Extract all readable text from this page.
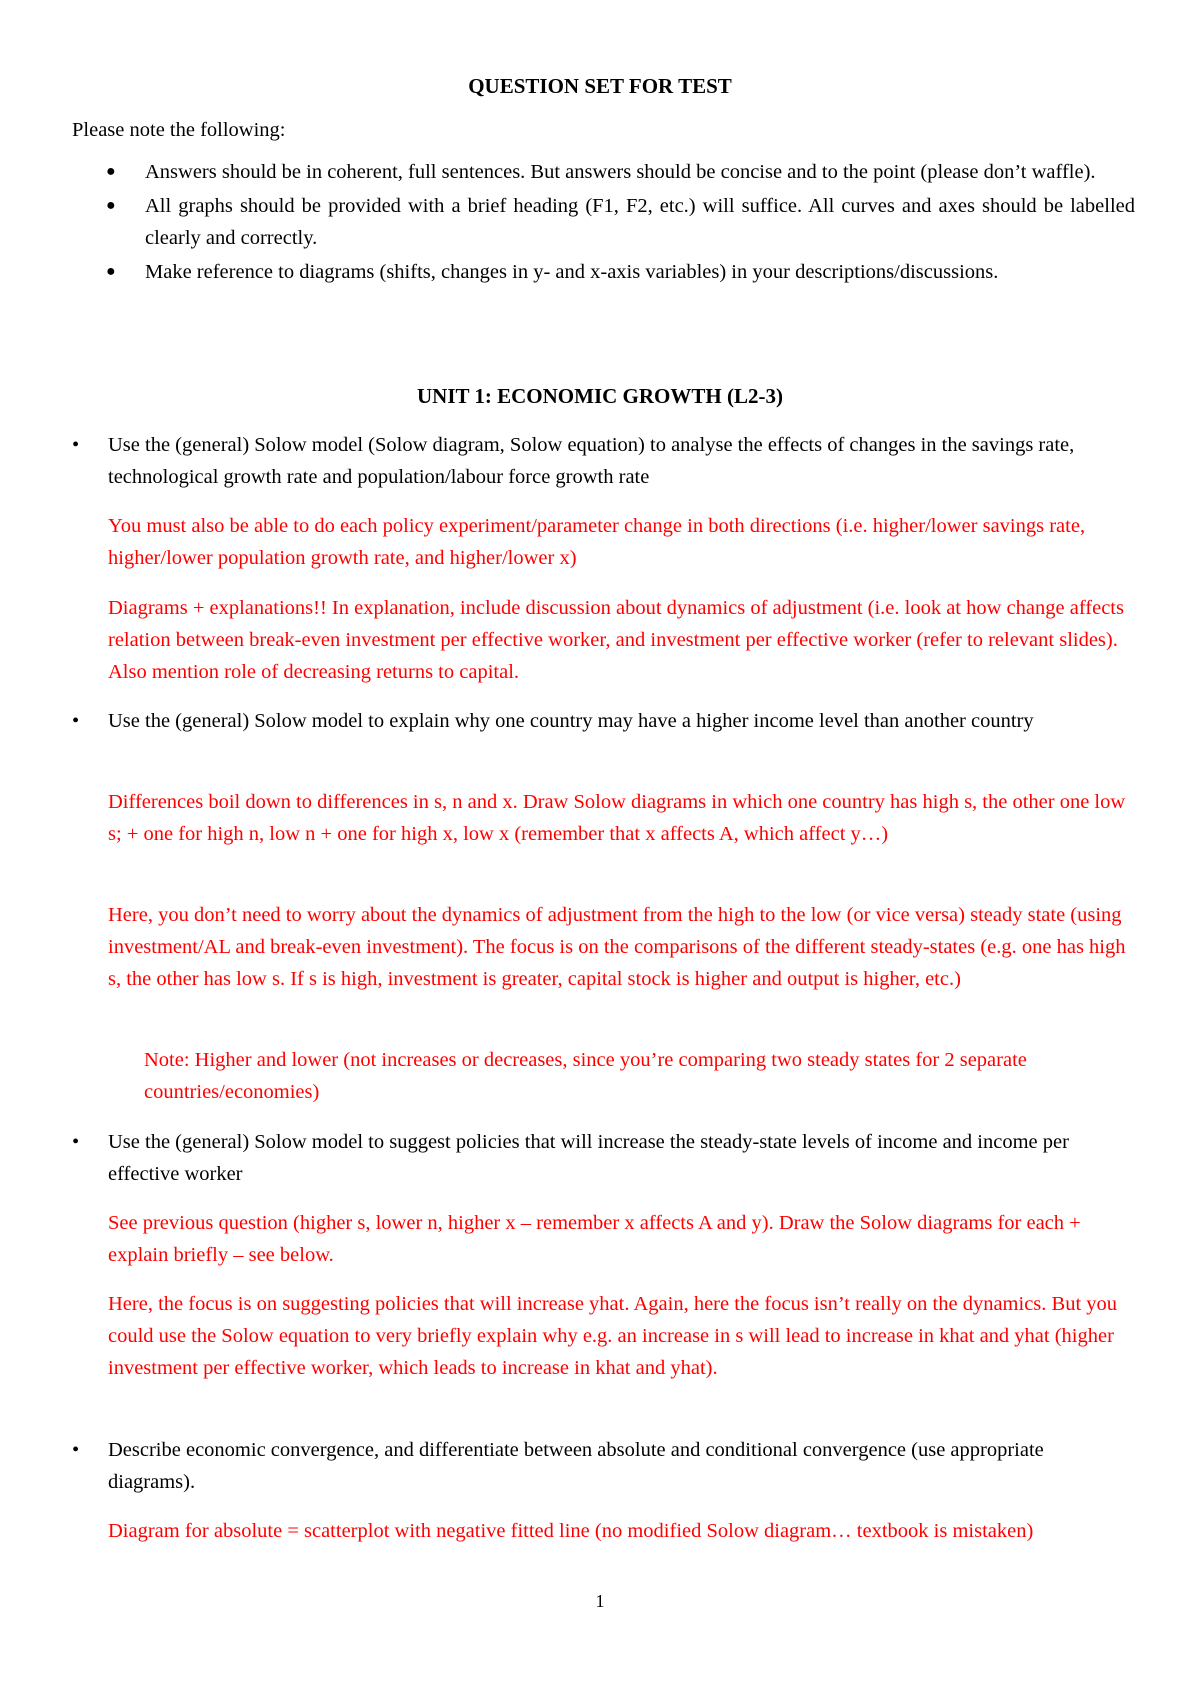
QUESTION SET FOR TEST
Please note the following:
● Answers should be in coherent, full sentences. But answers should be concise and to the point (please don’t waffle).
● All graphs should be provided with a brief heading (F1, F2, etc.) will suffice. All curves and axes should be labelled clearly and correctly.
● Make reference to diagrams (shifts, changes in y- and x-axis variables) in your descriptions/discussions.
UNIT 1: ECONOMIC GROWTH (L2-3)
• Use the (general) Solow model (Solow diagram, Solow equation) to analyse the effects of changes in the savings rate, technological growth rate and population/labour force growth rate
You must also be able to do each policy experiment/parameter change in both directions (i.e. higher/lower savings rate, higher/lower population growth rate, and higher/lower x)
Diagrams + explanations!! In explanation, include discussion about dynamics of adjustment (i.e. look at how change affects relation between break-even investment per effective worker, and investment per effective worker (refer to relevant slides). Also mention role of decreasing returns to capital.
• Use the (general) Solow model to explain why one country may have a higher income level than another country
Differences boil down to differences in s, n and x. Draw Solow diagrams in which one country has high s, the other one low s; + one for high n, low n + one for high x, low x (remember that x affects A, which affect y…)
Here, you don’t need to worry about the dynamics of adjustment from the high to the low (or vice versa) steady state (using investment/AL and break-even investment). The focus is on the comparisons of the different steady-states (e.g. one has high s, the other has low s. If s is high, investment is greater, capital stock is higher and output is higher, etc.)
Note: Higher and lower (not increases or decreases, since you’re comparing two steady states for 2 separate countries/economies)
• Use the (general) Solow model to suggest policies that will increase the steady-state levels of income and income per effective worker
See previous question (higher s, lower n, higher x – remember x affects A and y). Draw the Solow diagrams for each + explain briefly – see below.
Here, the focus is on suggesting policies that will increase yhat. Again, here the focus isn’t really on the dynamics. But you could use the Solow equation to very briefly explain why e.g. an increase in s will lead to increase in khat and yhat (higher investment per effective worker, which leads to increase in khat and yhat).
• Describe economic convergence, and differentiate between absolute and conditional convergence (use appropriate diagrams).
Diagram for absolute = scatterplot with negative fitted line (no modified Solow diagram… textbook is mistaken)
1
